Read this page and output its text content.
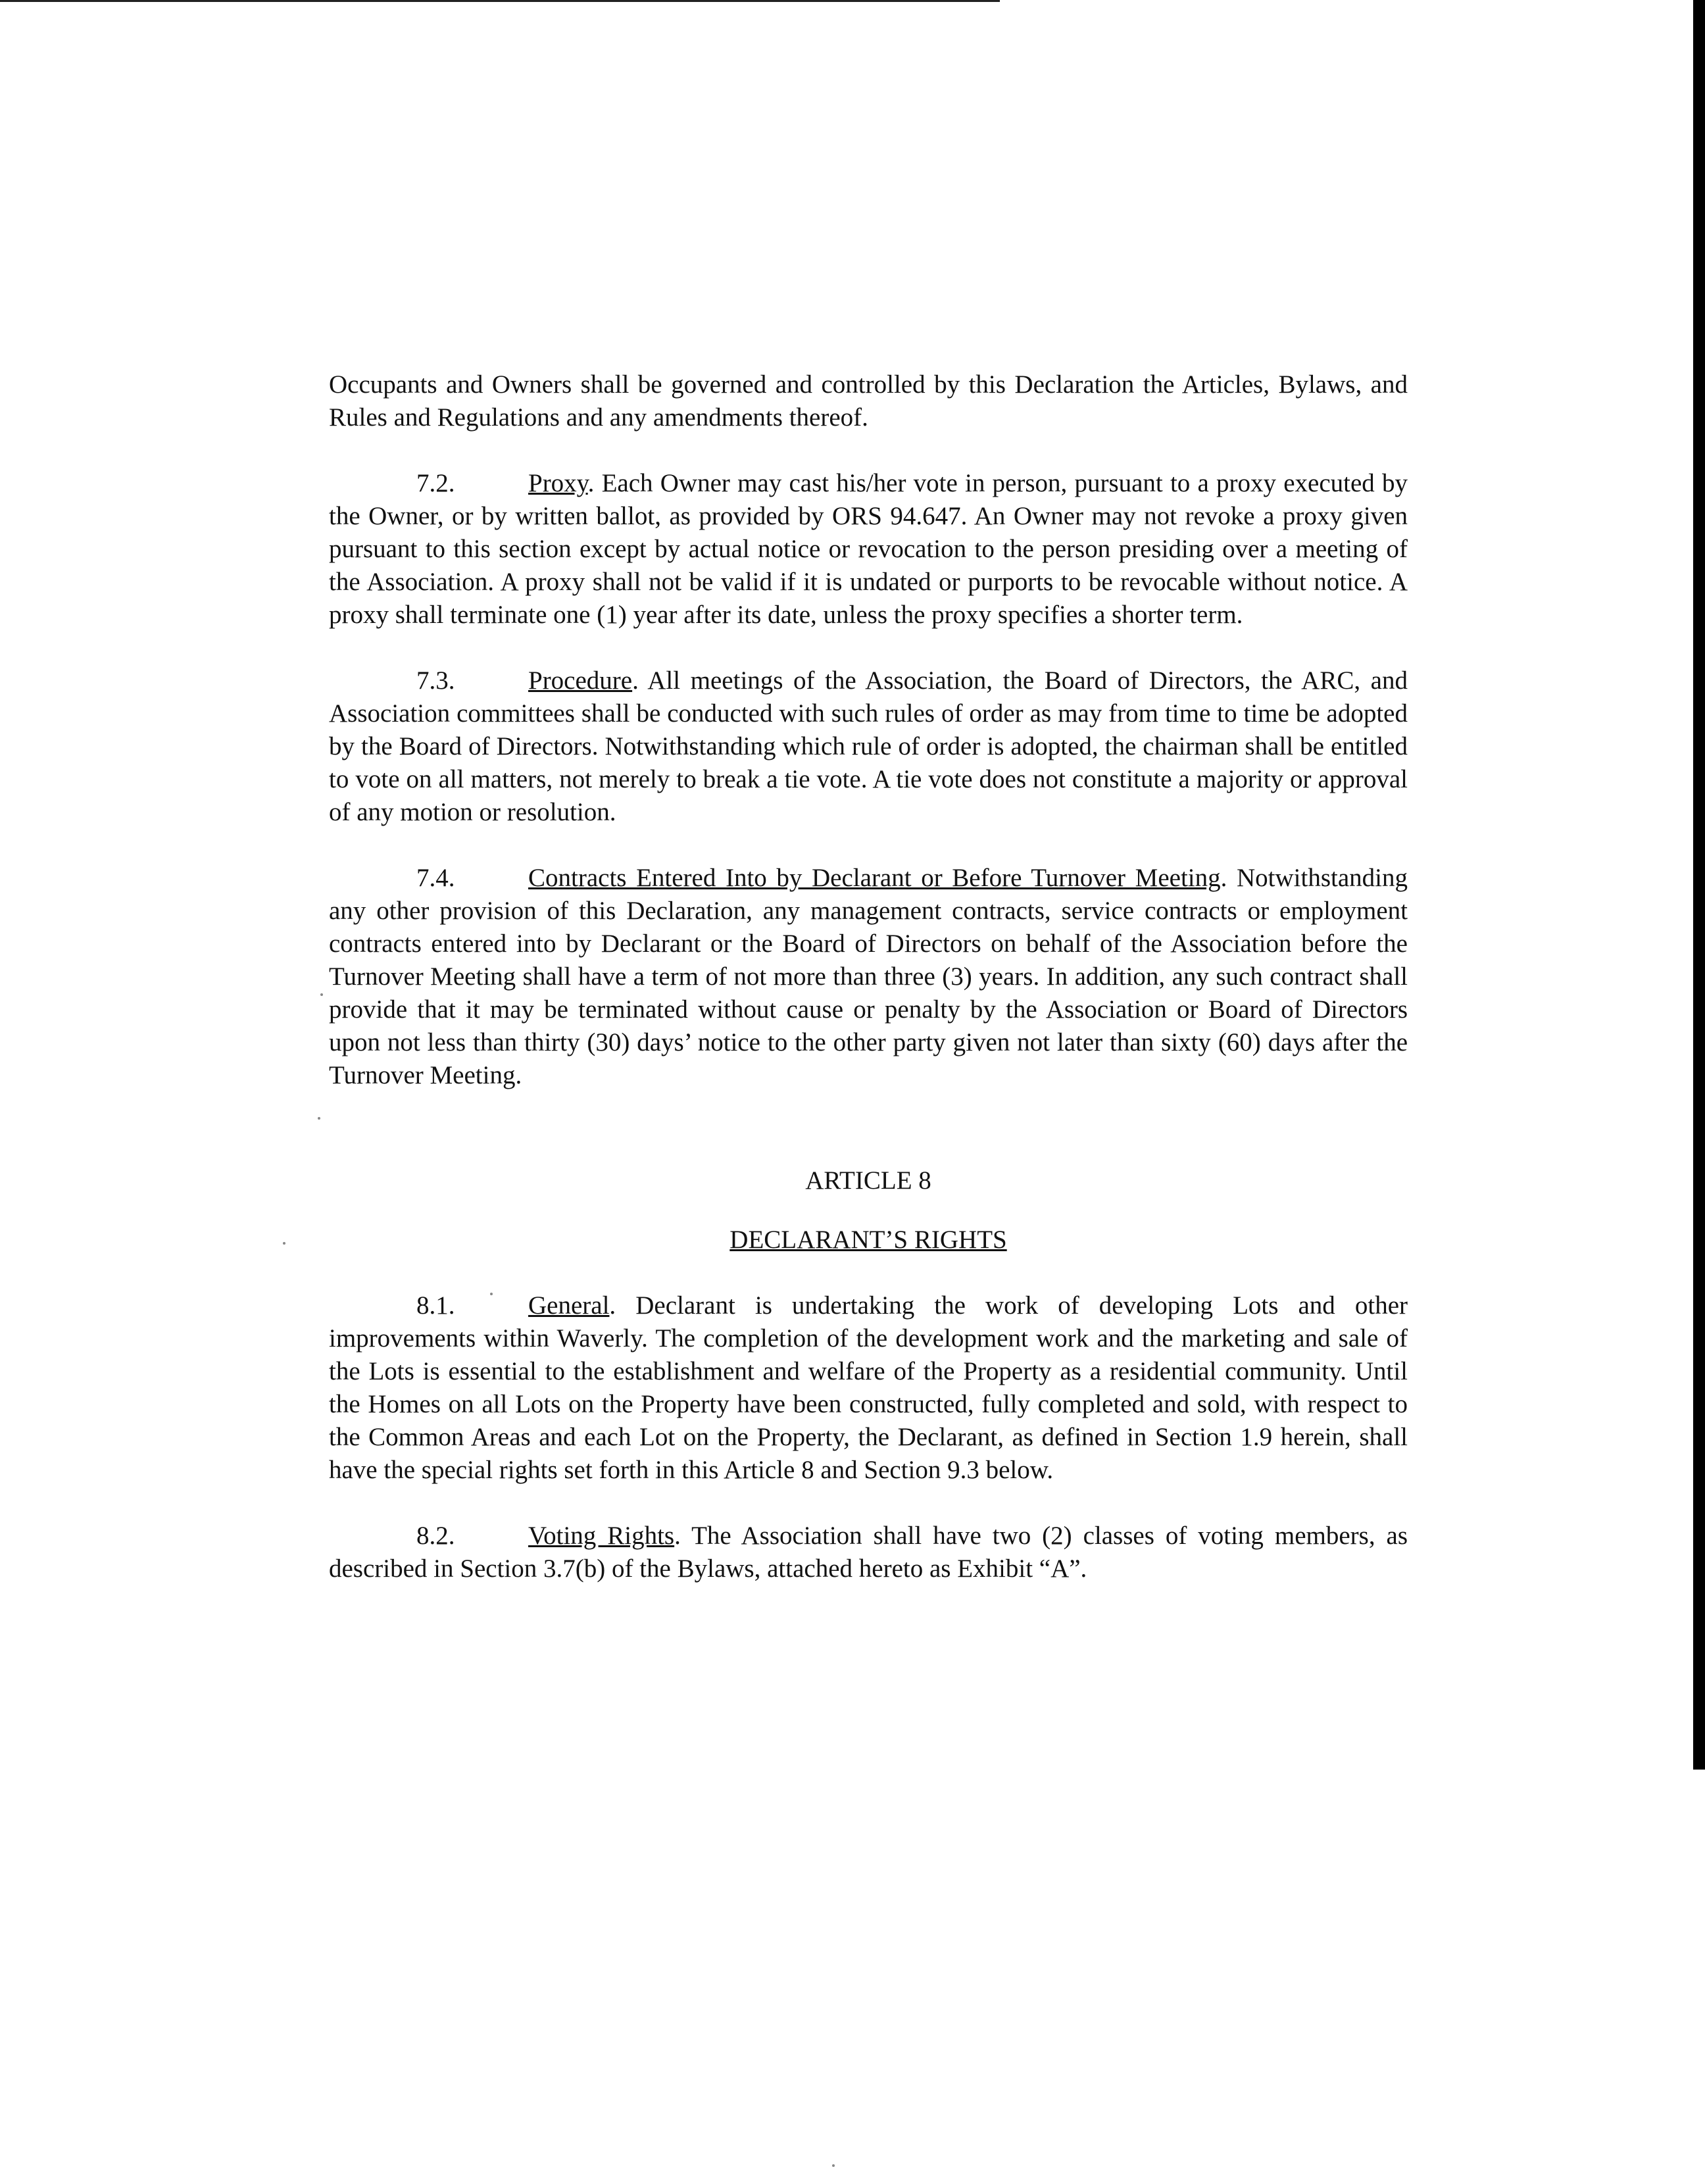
Occupants and Owners shall be governed and controlled by this Declaration the Articles, Bylaws, and Rules and Regulations and any amendments thereof.

7.2.	Proxy. Each Owner may cast his/her vote in person, pursuant to a proxy executed by the Owner, or by written ballot, as provided by ORS 94.647. An Owner may not revoke a proxy given pursuant to this section except by actual notice or revocation to the person presiding over a meeting of the Association. A proxy shall not be valid if it is undated or purports to be revocable without notice. A proxy shall terminate one (1) year after its date, unless the proxy specifies a shorter term.

7.3.	Procedure. All meetings of the Association, the Board of Directors, the ARC, and Association committees shall be conducted with such rules of order as may from time to time be adopted by the Board of Directors. Notwithstanding which rule of order is adopted, the chairman shall be entitled to vote on all matters, not merely to break a tie vote. A tie vote does not constitute a majority or approval of any motion or resolution.

7.4.	Contracts Entered Into by Declarant or Before Turnover Meeting. Notwithstanding any other provision of this Declaration, any management contracts, service contracts or employment contracts entered into by Declarant or the Board of Directors on behalf of the Association before the Turnover Meeting shall have a term of not more than three (3) years. In addition, any such contract shall provide that it may be terminated without cause or penalty by the Association or Board of Directors upon not less than thirty (30) days’ notice to the other party given not later than sixty (60) days after the Turnover Meeting.

ARTICLE 8

DECLARANT’S RIGHTS

8.1.	General. Declarant is undertaking the work of developing Lots and other improvements within Waverly. The completion of the development work and the marketing and sale of the Lots is essential to the establishment and welfare of the Property as a residential community. Until the Homes on all Lots on the Property have been constructed, fully completed and sold, with respect to the Common Areas and each Lot on the Property, the Declarant, as defined in Section 1.9 herein, shall have the special rights set forth in this Article 8 and Section 9.3 below.

8.2.	Voting Rights. The Association shall have two (2) classes of voting members, as described in Section 3.7(b) of the Bylaws, attached hereto as Exhibit “A”.
